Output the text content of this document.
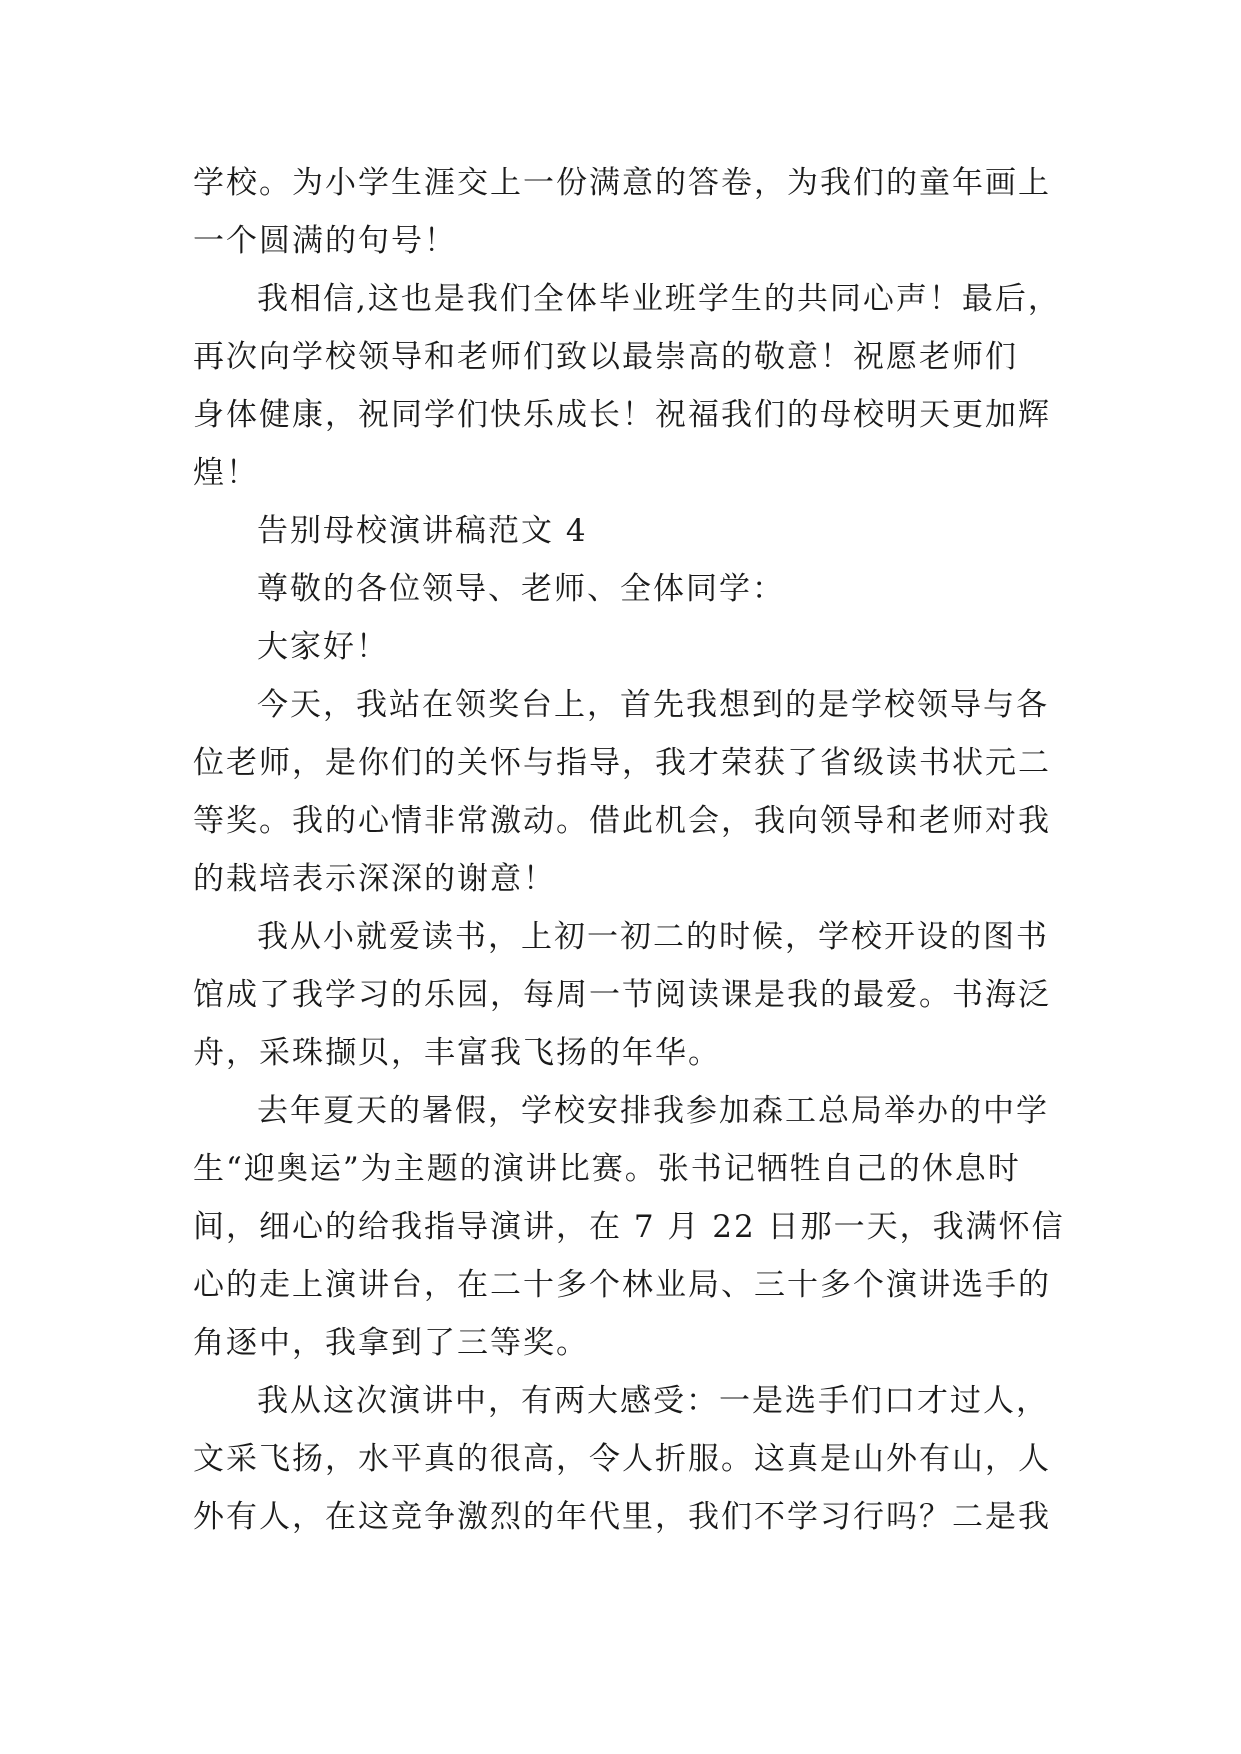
学校。为小学生涯交上一份满意的答卷，为我们的童年画上
一个圆满的句号！
我相信,这也是我们全体毕业班学生的共同心声！最后，
再次向学校领导和老师们致以最崇高的敬意！祝愿老师们
身体健康，祝同学们快乐成长！祝福我们的母校明天更加辉
煌！
告别母校演讲稿范文 4
尊敬的各位领导、老师、全体同学：
大家好！
今天，我站在领奖台上，首先我想到的是学校领导与各
位老师，是你们的关怀与指导，我才荣获了省级读书状元二
等奖。我的心情非常激动。借此机会，我向领导和老师对我
的栽培表示深深的谢意！
我从小就爱读书，上初一初二的时候，学校开设的图书
馆成了我学习的乐园，每周一节阅读课是我的最爱。书海泛
舟，采珠撷贝，丰富我飞扬的年华。
去年夏天的暑假，学校安排我参加森工总局举办的中学
生“迎奥运”为主题的演讲比赛。张书记牺牲自己的休息时
间，细心的给我指导演讲，在 7 月 22 日那一天，我满怀信
心的走上演讲台，在二十多个林业局、三十多个演讲选手的
角逐中，我拿到了三等奖。
我从这次演讲中，有两大感受：一是选手们口才过人，
文采飞扬，水平真的很高，令人折服。这真是山外有山，人
外有人，在这竞争激烈的年代里，我们不学习行吗？二是我
